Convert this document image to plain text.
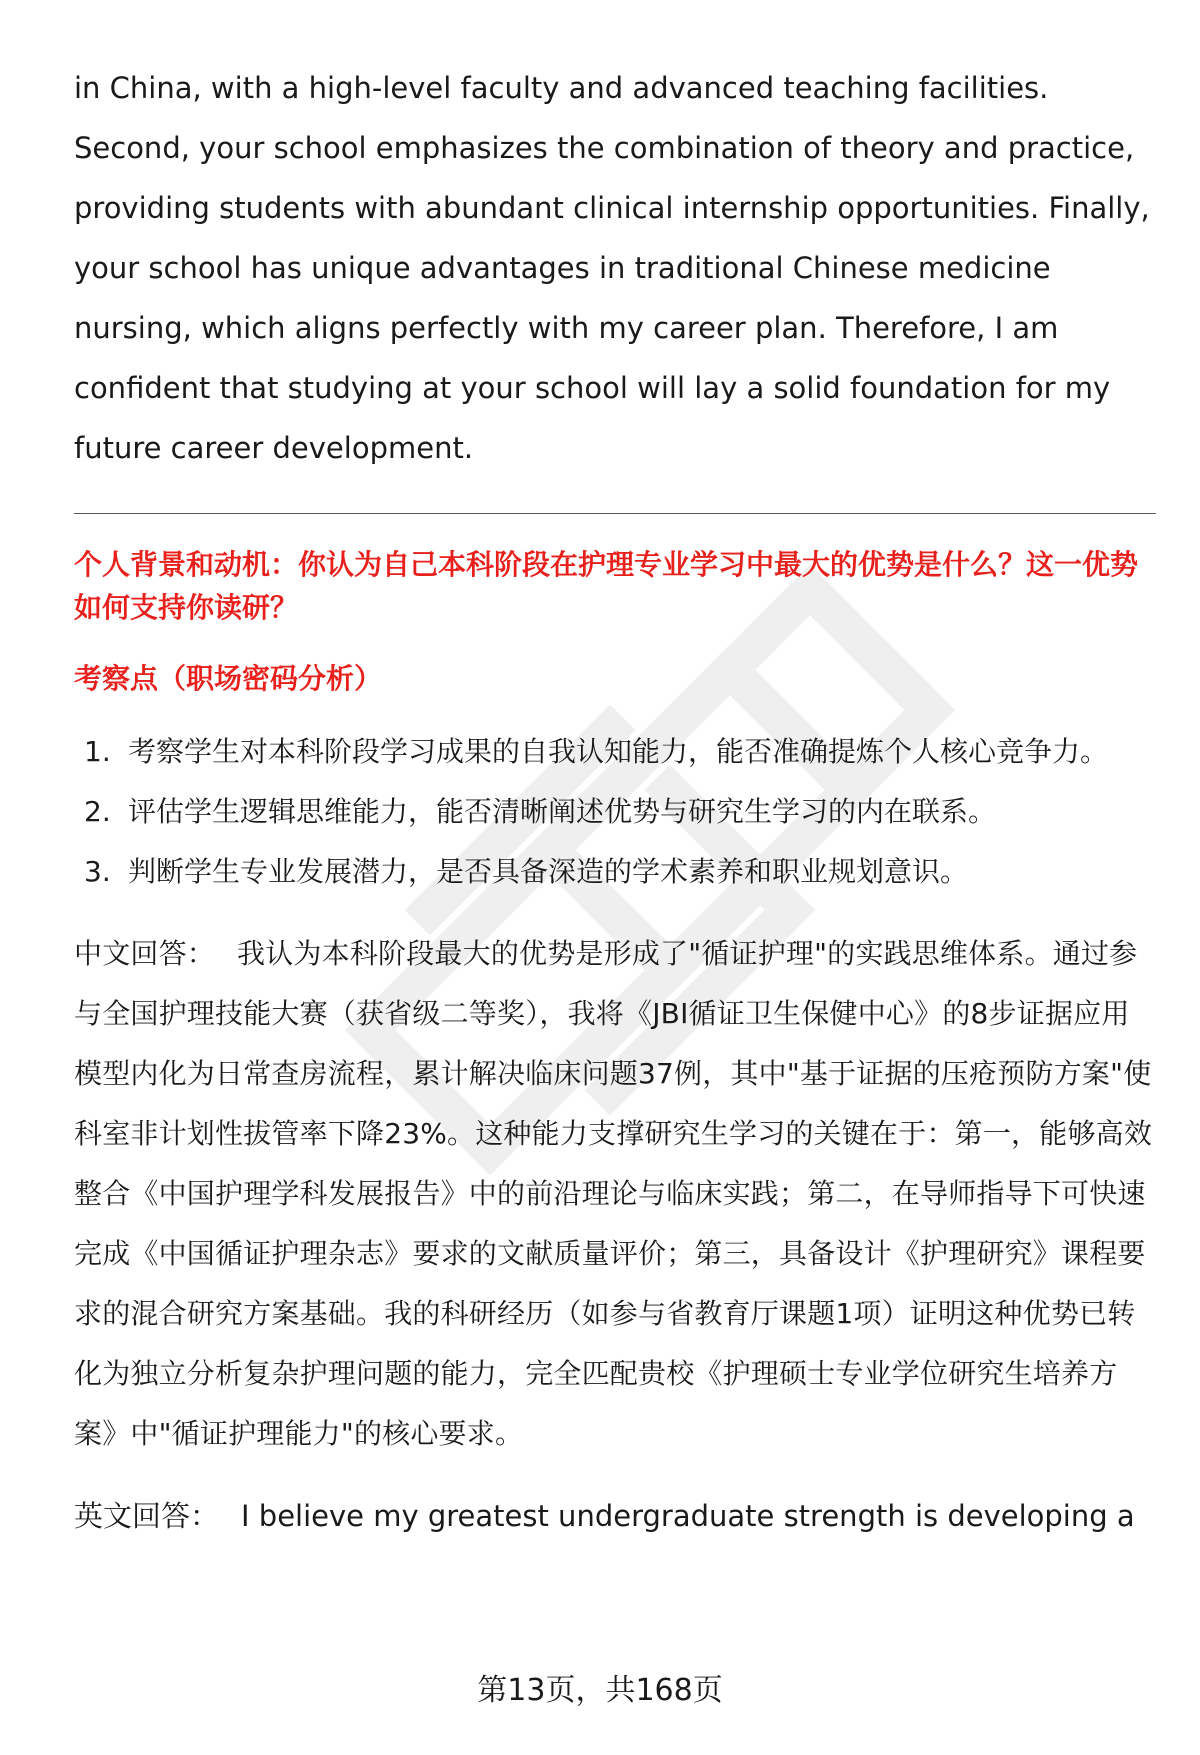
in China, with a high-level faculty and advanced teaching facilities. Second, your school emphasizes the combination of theory and practice, providing students with abundant clinical internship opportunities. Finally, your school has unique advantages in traditional Chinese medicine nursing, which aligns perfectly with my career plan. Therefore, I am confident that studying at your school will lay a solid foundation for my future career development.

个人背景和动机：你认为自己本科阶段在护理专业学习中最大的优势是什么？这一优势如何支持你读研？
考察点（职场密码分析）
1. 考察学生对本科阶段学习成果的自我认知能力，能否准确提炼个人核心竞争力。
2. 评估学生逻辑思维能力，能否清晰阐述优势与研究生学习的内在联系。
3. 判断学生专业发展潜力，是否具备深造的学术素养和职业规划意识。

中文回答： 我认为本科阶段最大的优势是形成了"循证护理"的实践思维体系。通过参与全国护理技能大赛（获省级二等奖），我将《JBI循证卫生保健中心》的8步证据应用模型内化为日常查房流程，累计解决临床问题37例，其中"基于证据的压疮预防方案"使科室非计划性拔管率下降23%。这种能力支撑研究生学习的关键在于：第一，能够高效整合《中国护理学科发展报告》中的前沿理论与临床实践；第二，在导师指导下可快速完成《中国循证护理杂志》要求的文献质量评价；第三，具备设计《护理研究》课程要求的混合研究方案基础。我的科研经历（如参与省教育厅课题1项）证明这种优势已转化为独立分析复杂护理问题的能力，完全匹配贵校《护理硕士专业学位研究生培养方案》中"循证护理能力"的核心要求。

英文回答： I believe my greatest undergraduate strength is developing a

第13页，共168页
